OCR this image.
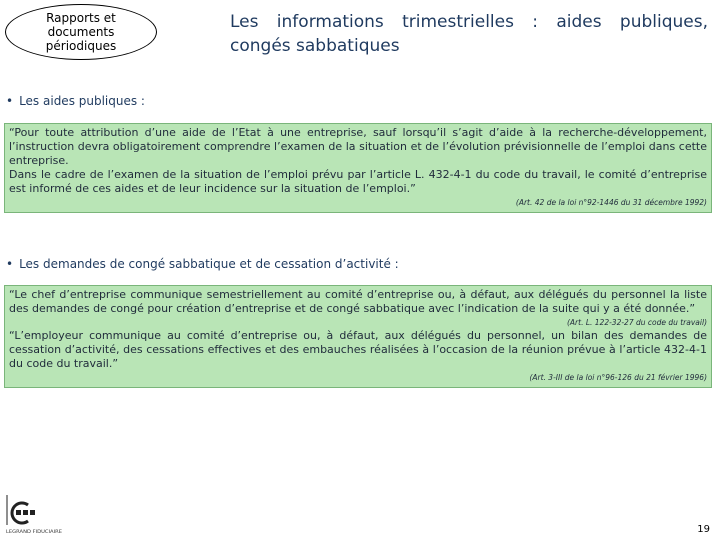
Rapports et
documents
périodiques
Les informations trimestrielles : aides publiques, congés sabbatiques
• Les aides publiques :

“Pour toute attribution d’une aide de l’Etat à une entreprise, sauf lorsqu’il s’agit d’aide à la recherche-développement, l’instruction devra obligatoirement comprendre l’examen de la situation et de l’évolution prévisionnelle de l’emploi dans cette entreprise.

Dans le cadre de l’examen de la situation de l’emploi prévu par l’article L. 432-4-1 du code du travail, le comité d’entreprise est informé de ces aides et de leur incidence sur la situation de l’emploi.”

(Art. 42 de la loi n°92-1446 du 31 décembre 1992)
• Les demandes de congé sabbatique et de cessation d’activité :

“Le chef d’entreprise communique semestriellement au comité d’entreprise ou, à défaut, aux délégués du personnel la liste des demandes de congé pour création d’entreprise et de congé sabbatique avec l’indication de la suite qui y a été donnée.”

(Art. L. 122-32-27 du code du travail)

“L’employeur communique au comité d’entreprise ou, à défaut, aux délégués du personnel, un bilan des demandes de cessation d’activité, des cessations effectives et des embauches réalisées à l’occasion de la réunion prévue à l’article 432-4-1 du code du travail.”

(Art. 3-III de la loi n°96-126 du 21 février 1996)
LEGRAND FIDUCIAIRE	19
